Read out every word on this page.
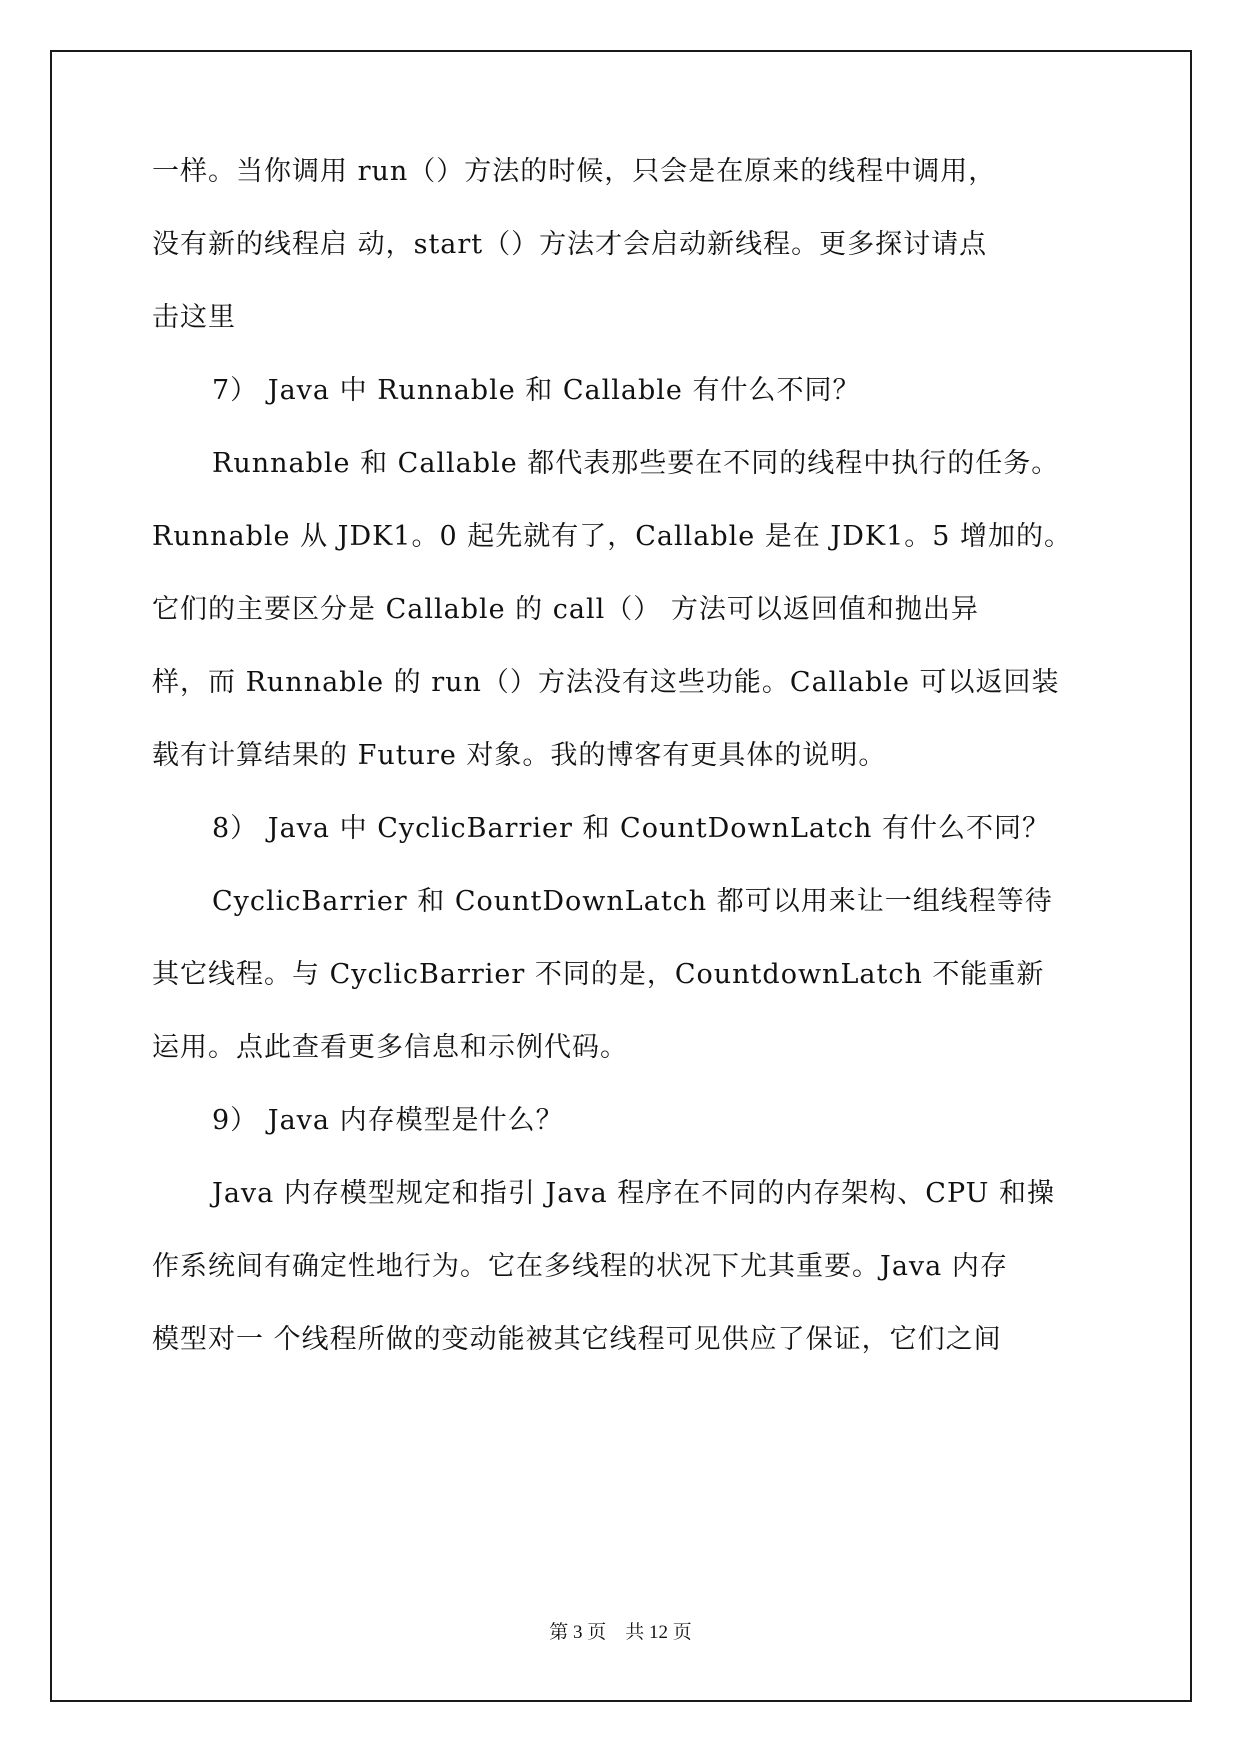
一样。当你调用 run（）方法的时候，只会是在原来的线程中调用，
没有新的线程启 动，start（）方法才会启动新线程。更多探讨请点
击这里
7） Java 中 Runnable 和 Callable 有什么不同？
Runnable 和 Callable 都代表那些要在不同的线程中执行的任务。
Runnable 从 JDK1。0 起先就有了，Callable 是在 JDK1。5 增加的。
它们的主要区分是 Callable 的 call（） 方法可以返回值和抛出异
样，而 Runnable 的 run（）方法没有这些功能。Callable 可以返回装
载有计算结果的 Future 对象。我的博客有更具体的说明。
8） Java 中 CyclicBarrier 和 CountDownLatch 有什么不同？
CyclicBarrier 和 CountDownLatch 都可以用来让一组线程等待
其它线程。与 CyclicBarrier 不同的是，CountdownLatch 不能重新
运用。点此查看更多信息和示例代码。
9） Java 内存模型是什么？
Java 内存模型规定和指引 Java 程序在不同的内存架构、CPU 和操
作系统间有确定性地行为。它在多线程的状况下尤其重要。Java 内存
模型对一 个线程所做的变动能被其它线程可见供应了保证，它们之间
第 3 页　共 12 页
